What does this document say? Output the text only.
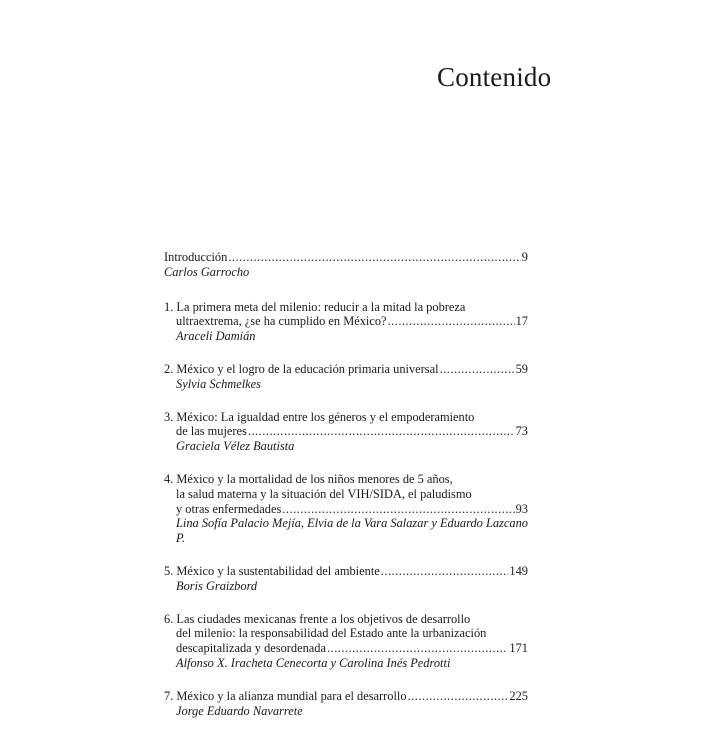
Contenido
Introducción .....	9
Carlos Garrocho
1. La primera meta del milenio: reducir a la mitad la pobreza
ultraextrema, ¿se ha cumplido en México? .....	17
Araceli Damián
2. México y el logro de la educación primaria universal .....	59
Sylvia Schmelkes
3. México: La igualdad entre los géneros y el empoderamiento
de las mujeres .....	73
Graciela Vélez Bautista
4. México y la mortalidad de los niños menores de 5 años,
la salud materna y la situación del VIH/SIDA, el paludismo
y otras enfermedades .....	93
Lina Sofía Palacio Mejía, Elvia de la Vara Salazar y Eduardo Lazcano P.
5. México y la sustentabilidad del ambiente .....	149
Boris Graizbord
6. Las ciudades mexicanas frente a los objetivos de desarrollo
del milenio: la responsabilidad del Estado ante la urbanización
descapitalizada y desordenada .....	171
Alfonso X. Iracheta Cenecorta y Carolina Inés Pedrotti
7. México y la alianza mundial para el desarrollo .....	225
Jorge Eduardo Navarrete
